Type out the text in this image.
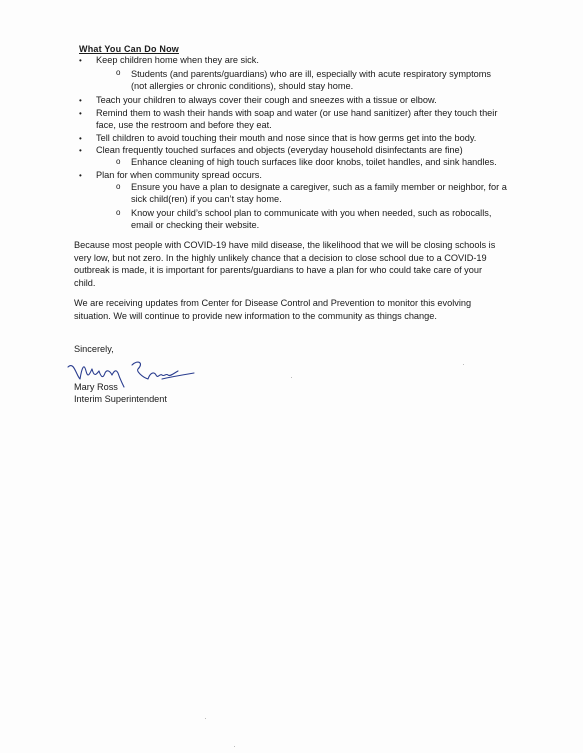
What You Can Do Now
• Keep children home when they are sick.
o Students (and parents/guardians) who are ill, especially with acute respiratory symptoms
(not allergies or chronic conditions), should stay home.
• Teach your children to always cover their cough and sneezes with a tissue or elbow.
• Remind them to wash their hands with soap and water (or use hand sanitizer) after they touch their
face, use the restroom and before they eat.
• Tell children to avoid touching their mouth and nose since that is how germs get into the body.
• Clean frequently touched surfaces and objects (everyday household disinfectants are fine)
o Enhance cleaning of high touch surfaces like door knobs, toilet handles, and sink handles.
• Plan for when community spread occurs.
o Ensure you have a plan to designate a caregiver, such as a family member or neighbor, for a
sick child(ren) if you can’t stay home.
o Know your child’s school plan to communicate with you when needed, such as robocalls,
email or checking their website.
Because most people with COVID-19 have mild disease, the likelihood that we will be closing schools is
very low, but not zero. In the highly unlikely chance that a decision to close school due to a COVID-19
outbreak is made, it is important for parents/guardians to have a plan for who could take care of your
child.
We are receiving updates from Center for Disease Control and Prevention to monitor this evolving
situation. We will continue to provide new information to the community as things change.
Sincerely,
Mary Ross
Interim Superintendent
